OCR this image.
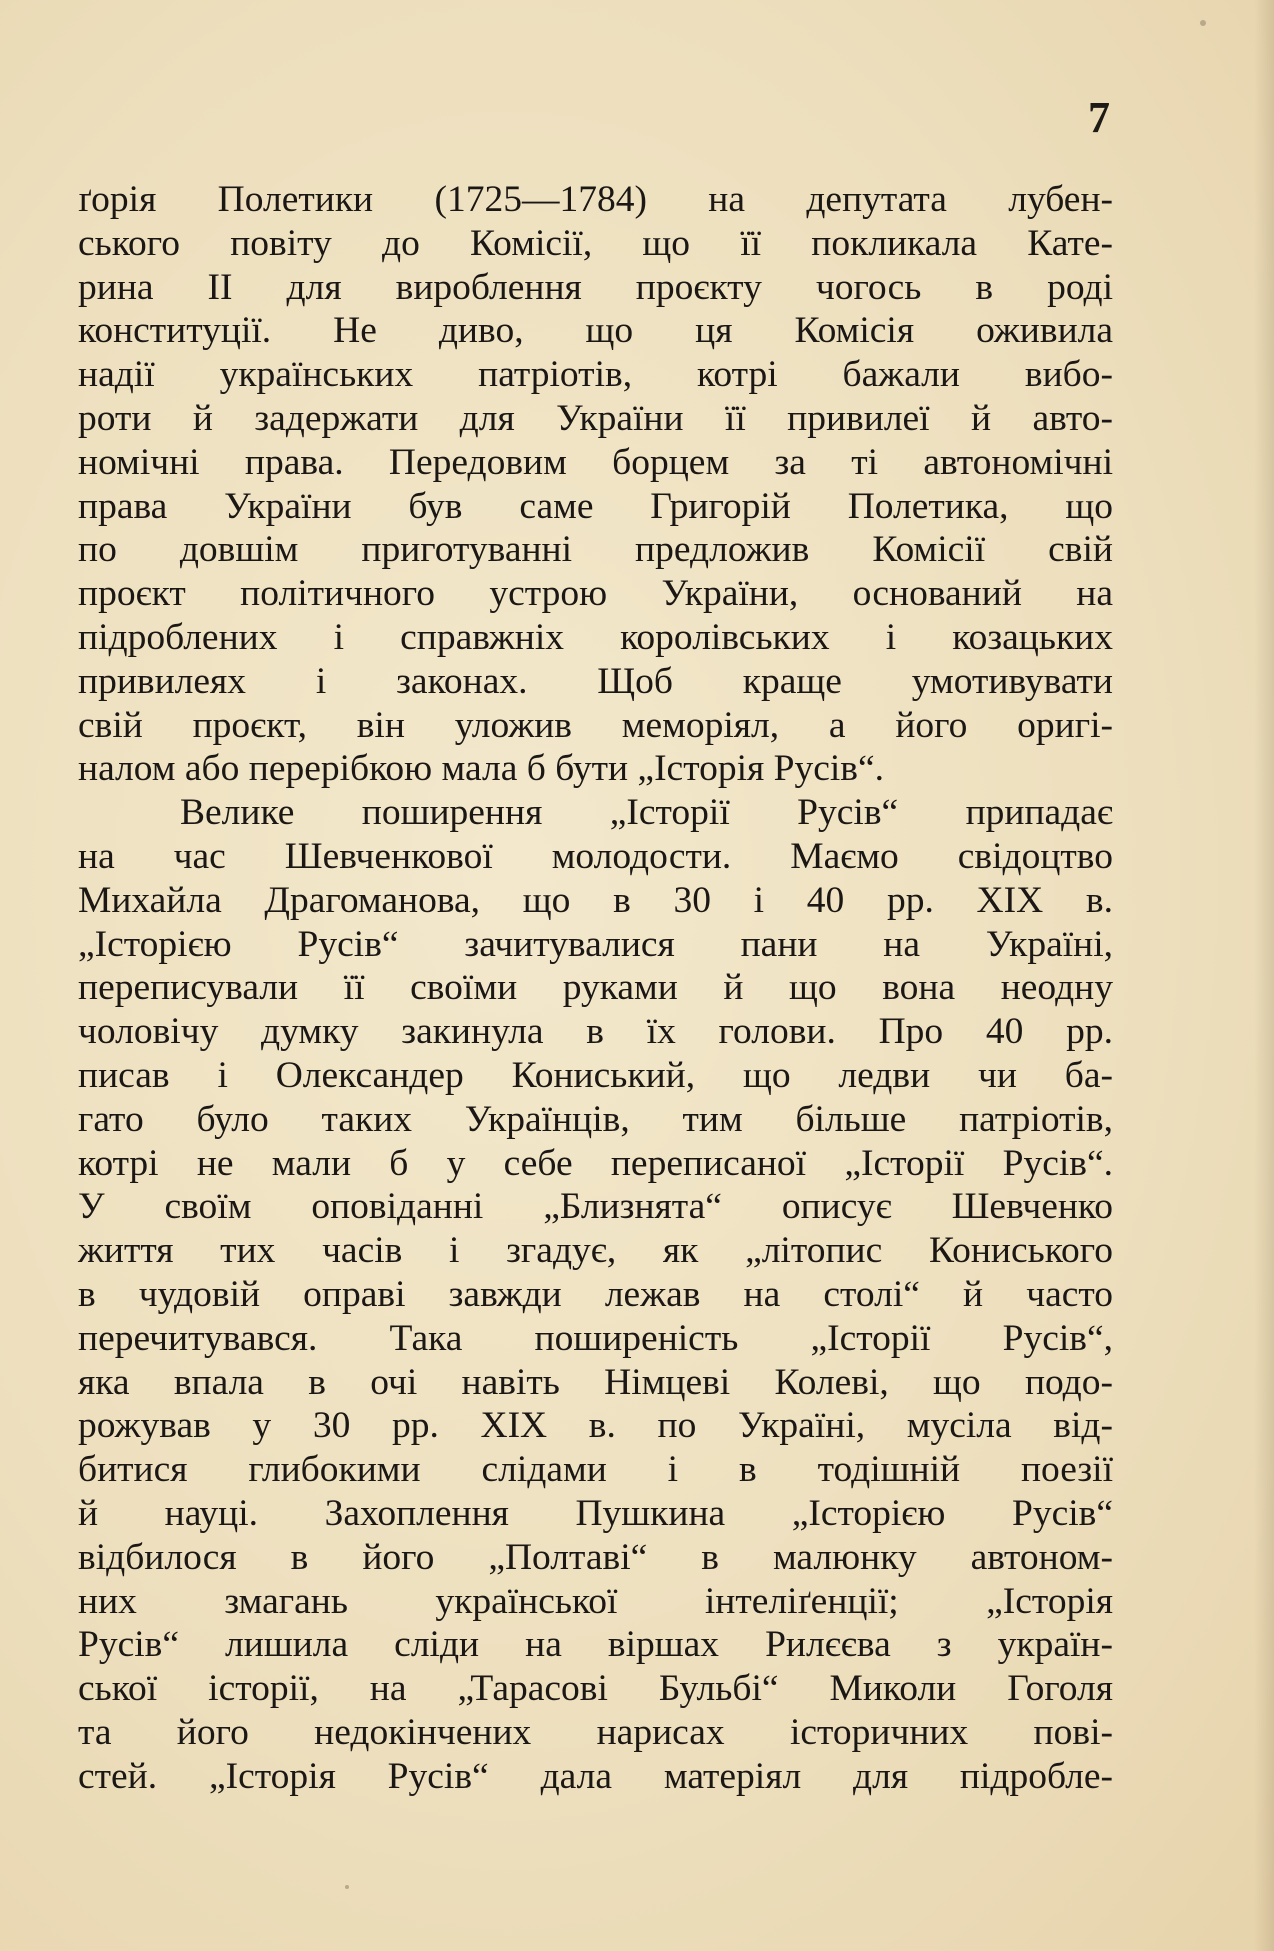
7
ґорія Полетики (1725—1784) на депутата лубен-
ського повіту до Комісії, що її покликала Кате-
рина II для вироблення проєкту чогось в роді
конституції. Не диво, що ця Комісія оживила
надії українських патріотів, котрі бажали вибо-
роти й задержати для України її привилеї й авто-
номічні права. Передовим борцем за ті автономічні
права України був саме Григорій Полетика, що
по довшім приготуванні предложив Комісії свій
проєкт політичного устрою України, оснований на
підроблених і справжніх королівських і козацьких
привилеях і законах. Щоб краще умотивувати
свій проєкт, він уложив меморіял, а його оригі-
налом або перерібкою мала б бути „Історія Русів“.
Велике поширення „Історії Русів“ припадає
на час Шевченкової молодости. Маємо свідоцтво
Михайла Драгоманова, що в 30 і 40 рр. XIX в.
„Історією Русів“ зачитувалися пани на Україні,
переписували її своїми руками й що вона неодну
чоловічу думку закинула в їх голови. Про 40 рр.
писав і Олександер Кониський, що ледви чи ба-
гато було таких Українців, тим більше патріотів,
котрі не мали б у себе переписаної „Історії Русів“.
У своїм оповіданні „Близнята“ описує Шевченко
життя тих часів і згадує, як „літопис Кониського
в чудовій оправі завжди лежав на столі“ й часто
перечитувався. Така поширеність „Історії Русів“,
яка впала в очі навіть Німцеві Колеві, що подо-
рожував у 30 рр. XIX в. по Україні, мусіла від-
битися глибокими слідами і в тодішній поезії
й науці. Захоплення Пушкина „Історією Русів“
відбилося в його „Полтаві“ в малюнку автоном-
них змагань української інтеліґенції; „Історія
Русів“ лишила сліди на віршах Рилєєва з україн-
ської історії, на „Тарасові Бульбі“ Миколи Гоголя
та його недокінчених нарисах історичних пові-
стей. „Історія Русів“ дала матеріял для підробле-
